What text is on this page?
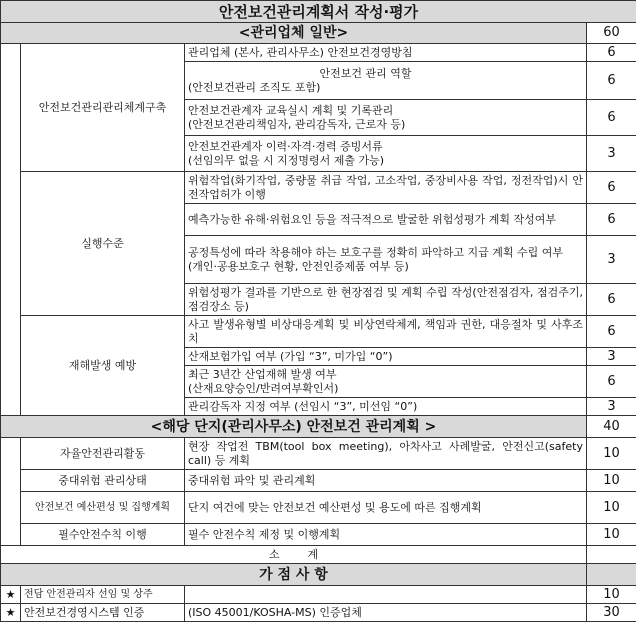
안전보건관리계획서 작성·평가			
<관리업체 일반>			60
	안전보건관리관리체계구축	관리업체 (본사, 관리사무소) 안전보건경영방침	6

		안전보건 관리 역할
(안전보건관리 조직도 포함)	6

		안전보건관계자 교육실시 계획 및 기록관리
(안전보건관리책임자, 관리감독자, 근로자 등)	6

		안전보건관계자 이력·자격·경력 증빙서류
(선임의무 없을 시 지정명령서 제출 가능)	3
	실행수준	위험작업(화기작업, 중량물 취급 작업, 고소작업, 중장비사용 작업, 정전작업)시 안전작업허가 이행	6
		예측가능한 유해·위험요인 등을 적극적으로 발굴한 위험성평가 계획 작성여부	6

		공정특성에 따라 착용해야 하는 보호구를 정확히 파악하고 지급 계획 수립 여부
(개인·공용보호구 현황, 안전인증제품 여부 등)	3
		위험성평가 결과를 기반으로 한 현장점검 및 계획 수립 작성(안전점검자, 점검주기, 점검장소 등)	6
	재해발생 예방	사고 발생유형별 비상대응계획 및 비상연락체계, 책임과 권한, 대응절차 및 사후조치	6
		산재보험가입 여부 (가입 “3”, 미가입 “0”)	3

		최근 3년간 산업재해 발생 여부
(산재요양승인/반려여부확인서)	6
		관리감독자 지정 여부 (선임시 “3”, 미선임 “0”)	3
<해당 단지(관리사무소) 안전보건 관리계획 >			40
	자율안전관리활동	현장 작업전 TBM(tool box meeting), 아차사고 사례발굴, 안전신고(safety call) 등 계획	10
	중대위험 관리상태	중대위험 파악 및 관리계획	10
	안전보건 예산편성 및 집행계획	단지 여건에 맞는 안전보건 예산편성 및 용도에 따른 집행계획	10
	필수안전수칙 이행	필수 안전수칙 제정 및 이행계획	10
소        계			
가 점 사 항			
★	전담 안전관리자 선임 및 상주		10
★	안전보건경영시스템 인증	(ISO 45001/KOSHA-MS) 인증업체	30
